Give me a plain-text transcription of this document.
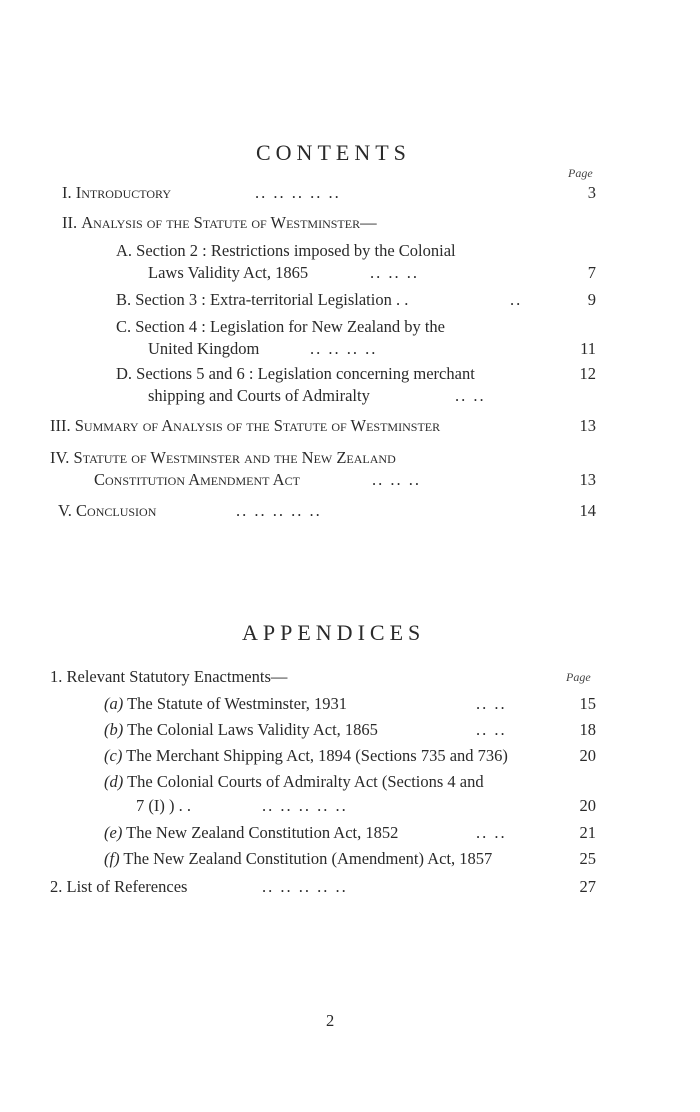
CONTENTS
Page
I. Introductory	.. .. .. .. ..	3
II. Analysis of the Statute of Westminster—
A. Section 2 : Restrictions imposed by the Colonial
Laws Validity Act, 1865	.. .. ..	7
B. Section 3 : Extra-territorial Legislation . .	..	9
C. Section 4 : Legislation for New Zealand by the
United Kingdom	.. .. .. ..	11
D. Sections 5 and 6 : Legislation concerning merchant	12
shipping and Courts of Admiralty	.. ..
III. Summary of Analysis of the Statute of Westminster	13
IV. Statute of Westminster and the New Zealand
Constitution Amendment Act	.. .. ..	13
V. Conclusion	.. .. .. .. ..	14
APPENDICES
1. Relevant Statutory Enactments—	Page
(a) The Statute of Westminster, 1931	.. ..	15
(b) The Colonial Laws Validity Act, 1865	.. ..	18
(c) The Merchant Shipping Act, 1894 (Sections 735 and 736)	20
(d) The Colonial Courts of Admiralty Act (Sections 4 and
7 (I) ) . .	.. .. .. .. ..	20
(e) The New Zealand Constitution Act, 1852	.. ..	21
(f) The New Zealand Constitution (Amendment) Act, 1857	25
2. List of References	.. .. .. .. ..	27
2
